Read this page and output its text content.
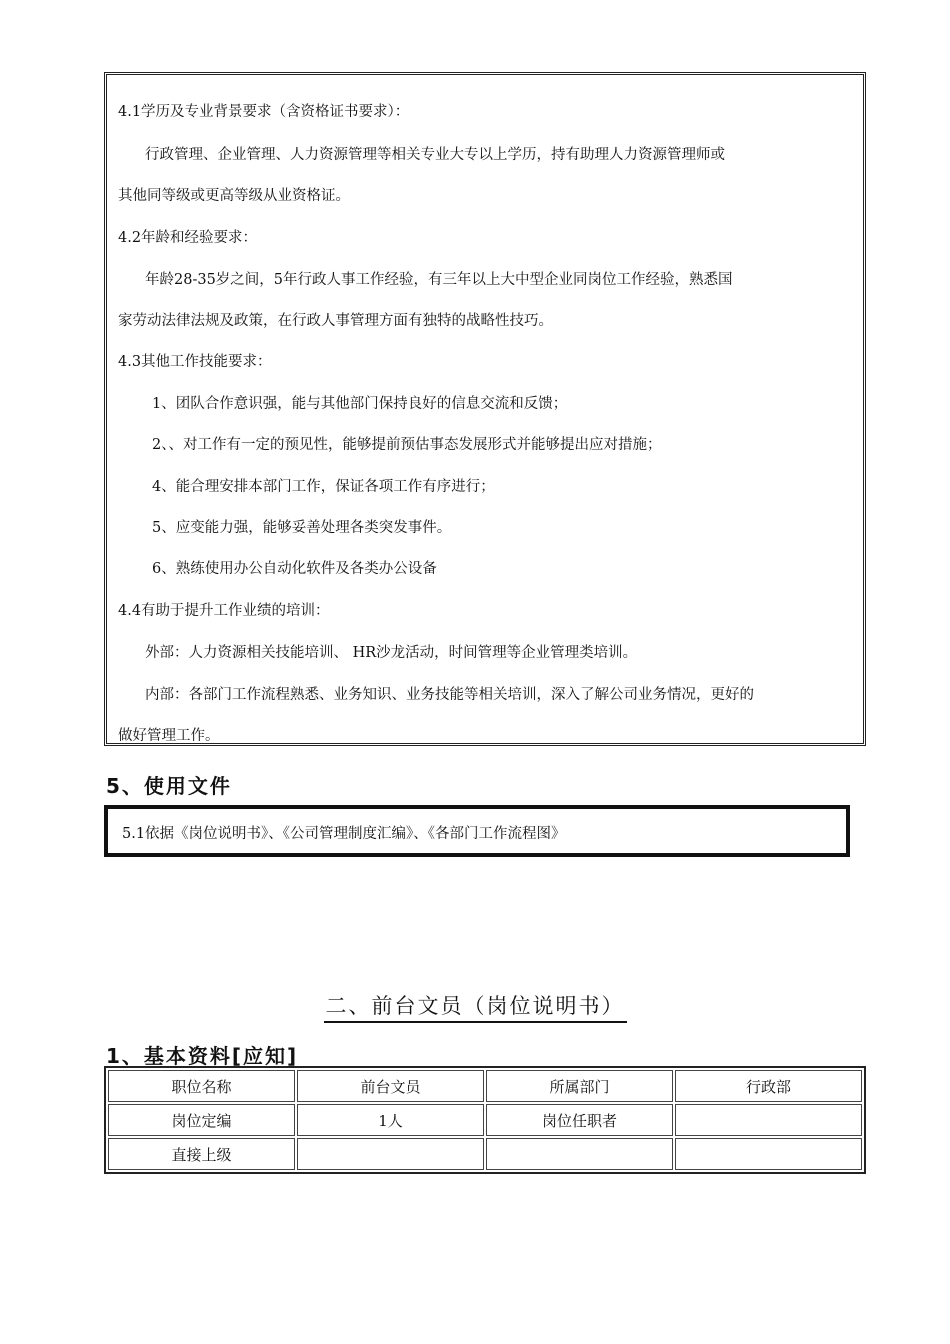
4.1学历及专业背景要求（含资格证书要求）：
行政管理、企业管理、人力资源管理等相关专业大专以上学历，持有助理人力资源管理师或
其他同等级或更高等级从业资格证。
4.2年龄和经验要求：
年龄28-35岁之间，5年行政人事工作经验，有三年以上大中型企业同岗位工作经验，熟悉国
家劳动法律法规及政策，在行政人事管理方面有独特的战略性技巧。
4.3其他工作技能要求：
1、团队合作意识强，能与其他部门保持良好的信息交流和反馈；
2、、对工作有一定的预见性，能够提前预估事态发展形式并能够提出应对措施；
4、能合理安排本部门工作，保证各项工作有序进行；
5、应变能力强，能够妥善处理各类突发事件。
6、熟练使用办公自动化软件及各类办公设备
4.4有助于提升工作业绩的培训：
外部：人力资源相关技能培训、 HR沙龙活动，时间管理等企业管理类培训。
内部：各部门工作流程熟悉、业务知识、业务技能等相关培训，深入了解公司业务情况，更好的
做好管理工作。
5、使用文件
5.1依据《岗位说明书》、《公司管理制度汇编》、《各部门工作流程图》
二、前台文员（岗位说明书）
1、基本资料[应知]
职位名称	前台文员	所属部门	行政部
岗位定编	1人	岗位任职者	
直接上级			
